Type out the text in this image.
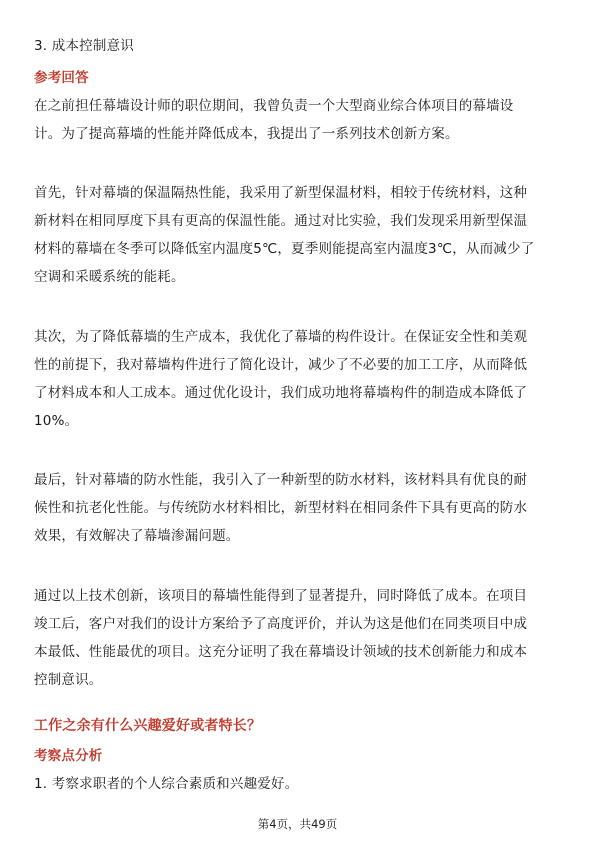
3. 成本控制意识
参考回答
在之前担任幕墙设计师的职位期间，我曾负责一个大型商业综合体项目的幕墙设
计。为了提高幕墙的性能并降低成本，我提出了一系列技术创新方案。
首先，针对幕墙的保温隔热性能，我采用了新型保温材料，相较于传统材料，这种
新材料在相同厚度下具有更高的保温性能。通过对比实验，我们发现采用新型保温
材料的幕墙在冬季可以降低室内温度5℃，夏季则能提高室内温度3℃，从而减少了
空调和采暖系统的能耗。
其次，为了降低幕墙的生产成本，我优化了幕墙的构件设计。在保证安全性和美观
性的前提下，我对幕墙构件进行了简化设计，减少了不必要的加工工序，从而降低
了材料成本和人工成本。通过优化设计，我们成功地将幕墙构件的制造成本降低了
10%。
最后，针对幕墙的防水性能，我引入了一种新型的防水材料，该材料具有优良的耐
候性和抗老化性能。与传统防水材料相比，新型材料在相同条件下具有更高的防水
效果，有效解决了幕墙渗漏问题。
通过以上技术创新，该项目的幕墙性能得到了显著提升，同时降低了成本。在项目
竣工后，客户对我们的设计方案给予了高度评价，并认为这是他们在同类项目中成
本最低、性能最优的项目。这充分证明了我在幕墙设计领域的技术创新能力和成本
控制意识。
工作之余有什么兴趣爱好或者特长？
考察点分析
1. 考察求职者的个人综合素质和兴趣爱好。
第4页，共49页
